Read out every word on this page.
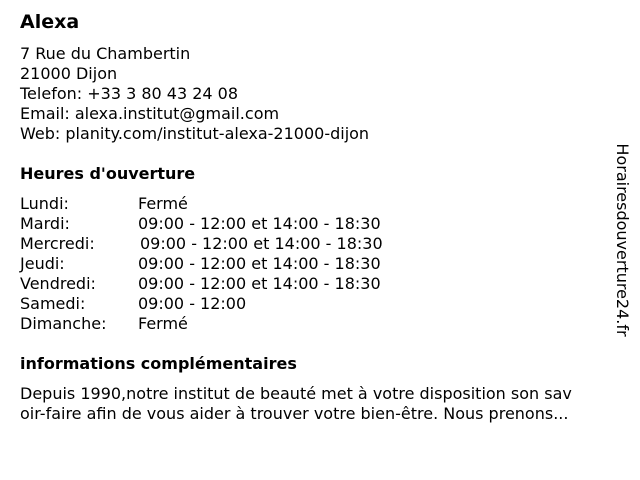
Alexa
7 Rue du Chambertin
21000 Dijon
Telefon: +33 3 80 43 24 08
Email: alexa.institut@gmail.com
Web: planity.com/institut-alexa-21000-dijon
Heures d'ouverture
Lundi:	Fermé
Mardi:	09:00 - 12:00 et 14:00 - 18:30
Mercredi:	09:00 - 12:00 et 14:00 - 18:30
Jeudi:	09:00 - 12:00 et 14:00 - 18:30
Vendredi:	09:00 - 12:00 et 14:00 - 18:30
Samedi:	09:00 - 12:00
Dimanche: Fermé
informations complémentaires
Depuis 1990,notre institut de beauté met à votre disposition son sav
oir-faire afin de vous aider à trouver votre bien-être. Nous prenons...
Horairesdouverture24.fr
